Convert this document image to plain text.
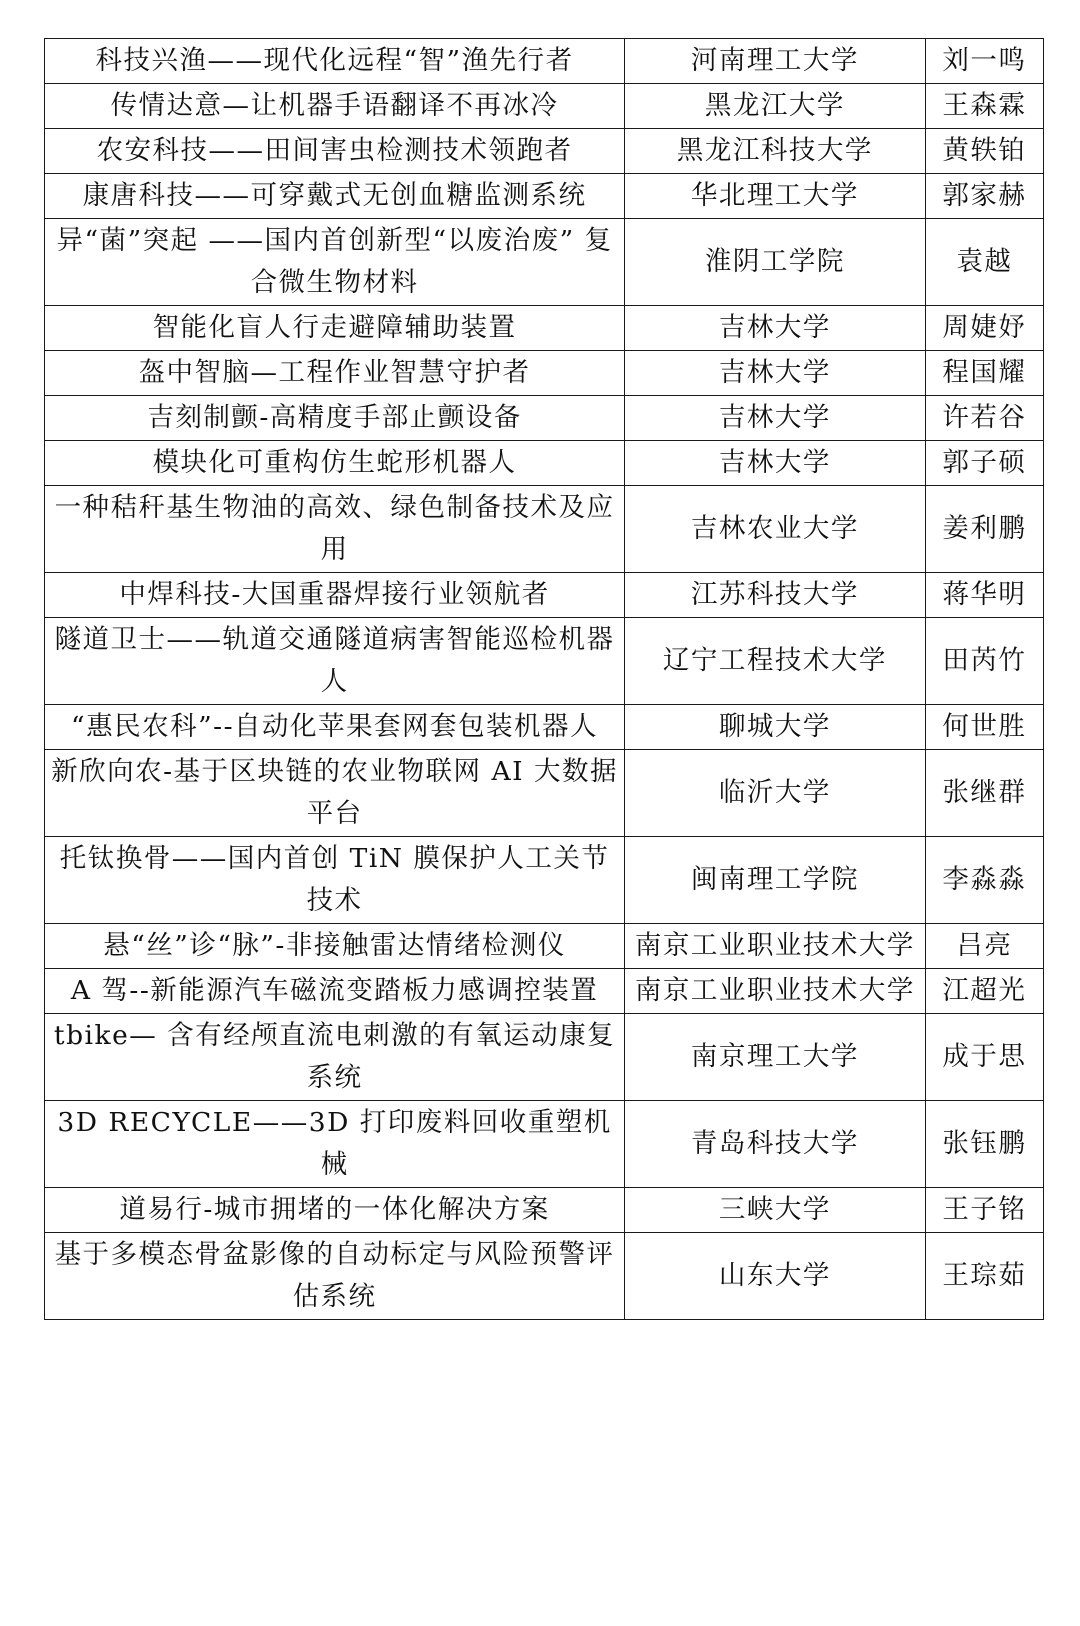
科技兴渔——现代化远程“智”渔先行者	河南理工大学	刘一鸣
传情达意—让机器手语翻译不再冰冷	黑龙江大学	王森霖
农安科技——田间害虫检测技术领跑者	黑龙江科技大学	黄轶铂
康唐科技——可穿戴式无创血糖监测系统	华北理工大学	郭家赫
异“菌”突起 ——国内首创新型“以废治废” 复合微生物材料	淮阴工学院	袁越
智能化盲人行走避障辅助装置	吉林大学	周婕妤
盔中智脑—工程作业智慧守护者	吉林大学	程国耀
吉刻制颤-高精度手部止颤设备	吉林大学	许若谷
模块化可重构仿生蛇形机器人	吉林大学	郭子硕
一种秸秆基生物油的高效、绿色制备技术及应用	吉林农业大学	姜利鹏
中焊科技-大国重器焊接行业领航者	江苏科技大学	蒋华明
隧道卫士——轨道交通隧道病害智能巡检机器人	辽宁工程技术大学	田芮竹
“惠民农科”--自动化苹果套网套包装机器人	聊城大学	何世胜
新欣向农-基于区块链的农业物联网 AI 大数据平台	临沂大学	张继群
托钛换骨——国内首创 TiN 膜保护人工关节技术	闽南理工学院	李淼淼
悬“丝”诊“脉”-非接触雷达情绪检测仪	南京工业职业技术大学	吕亮
A 驾--新能源汽车磁流变踏板力感调控装置	南京工业职业技术大学	江超光
tbike— 含有经颅直流电刺激的有氧运动康复系统	南京理工大学	成于思
3D RECYCLE——3D 打印废料回收重塑机械	青岛科技大学	张钰鹏
道易行-城市拥堵的一体化解决方案	三峡大学	王子铭
基于多模态骨盆影像的自动标定与风险预警评估系统	山东大学	王琮茹
